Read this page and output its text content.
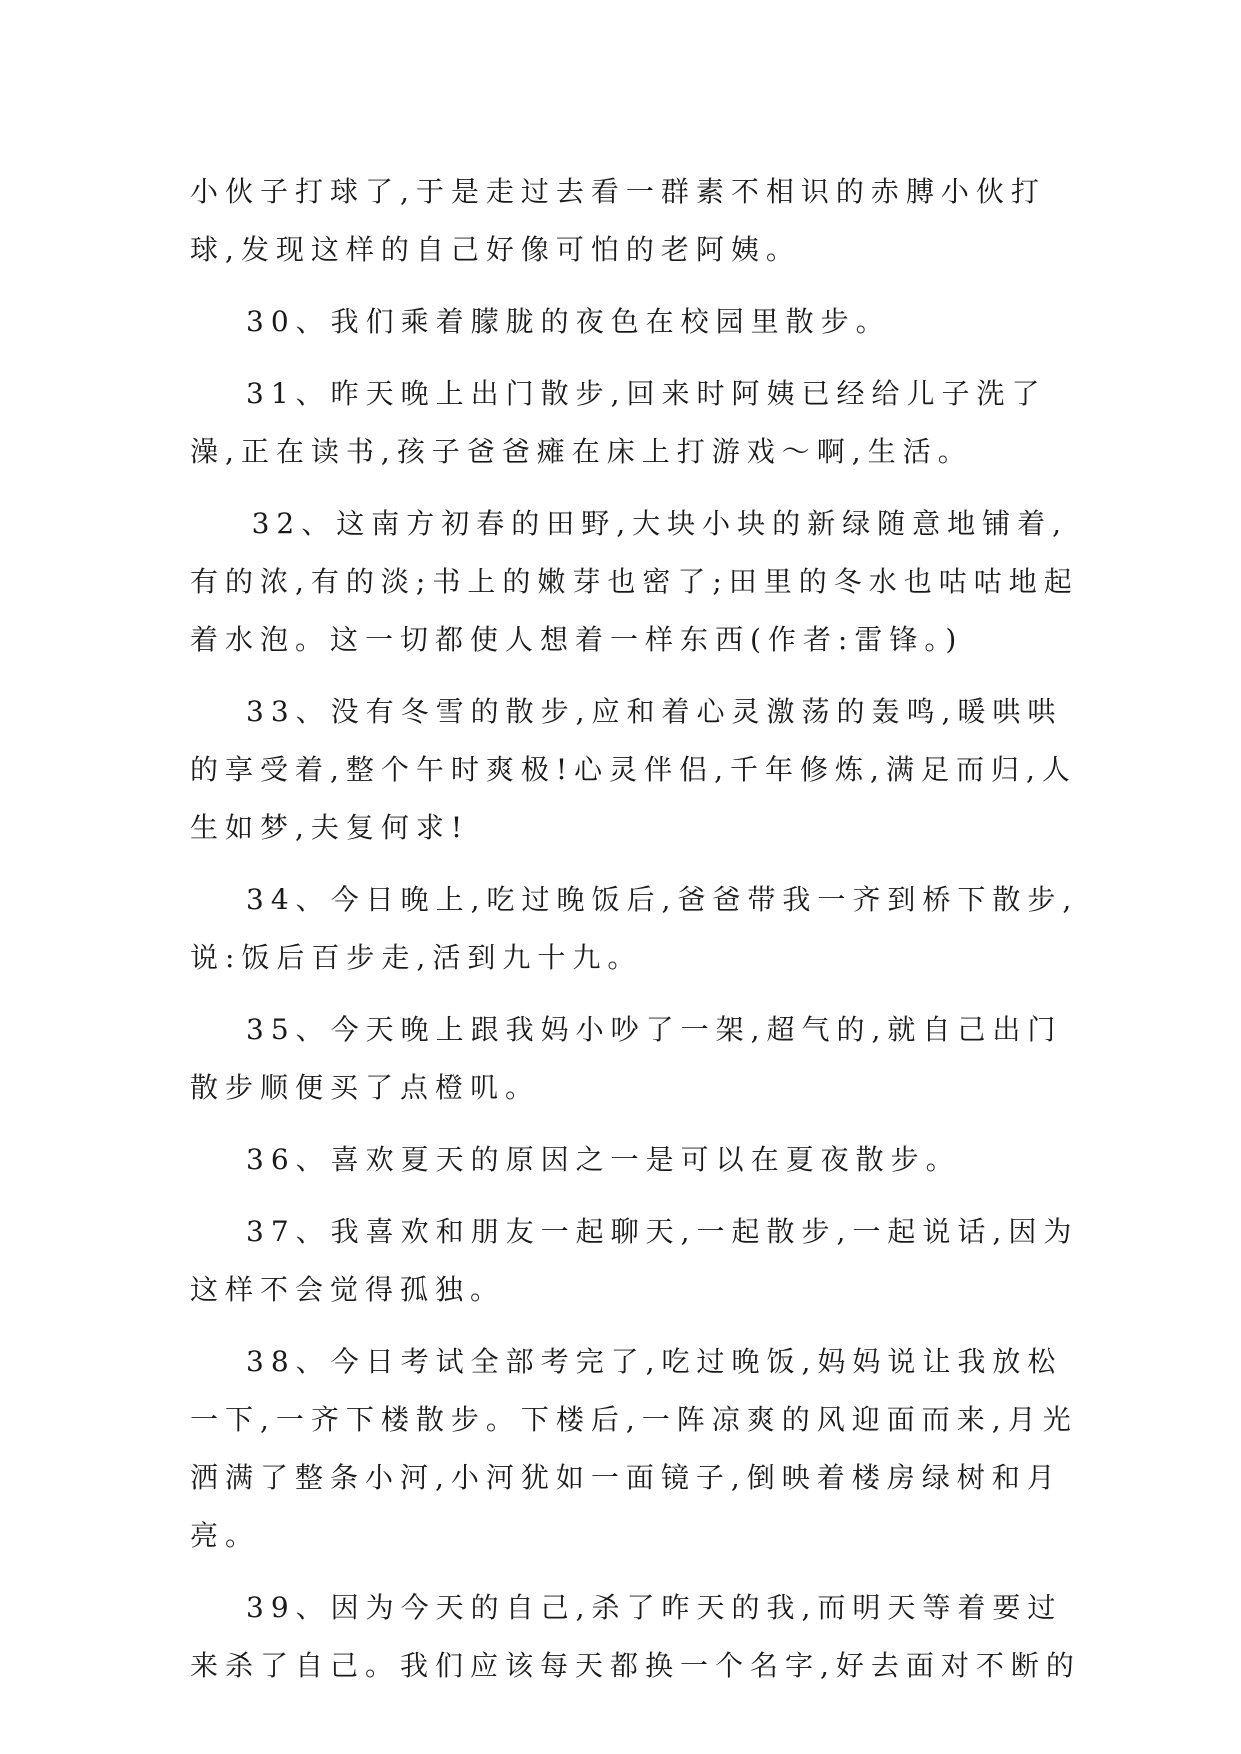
小伙子打球了,于是走过去看一群素不相识的赤膊小伙打球,发现这样的自己好像可怕的老阿姨。

30、我们乘着朦胧的夜色在校园里散步。

31、昨天晚上出门散步,回来时阿姨已经给儿子洗了澡,正在读书,孩子爸爸瘫在床上打游戏～啊,生活。

32、这南方初春的田野,大块小块的新绿随意地铺着,有的浓,有的淡;书上的嫩芽也密了;田里的冬水也咕咕地起着水泡。这一切都使人想着一样东西(作者:雷锋。)

33、没有冬雪的散步,应和着心灵激荡的轰鸣,暖哄哄的享受着,整个午时爽极!心灵伴侣,千年修炼,满足而归,人生如梦,夫复何求!

34、今日晚上,吃过晚饭后,爸爸带我一齐到桥下散步,说:饭后百步走,活到九十九。

35、今天晚上跟我妈小吵了一架,超气的,就自己出门散步顺便买了点橙叽。

36、喜欢夏天的原因之一是可以在夏夜散步。

37、我喜欢和朋友一起聊天,一起散步,一起说话,因为这样不会觉得孤独。

38、今日考试全部考完了,吃过晚饭,妈妈说让我放松一下,一齐下楼散步。下楼后,一阵凉爽的风迎面而来,月光洒满了整条小河,小河犹如一面镜子,倒映着楼房绿树和月亮。

39、因为今天的自己,杀了昨天的我,而明天等着要过来杀了自己。我们应该每天都换一个名字,好去面对不断的
